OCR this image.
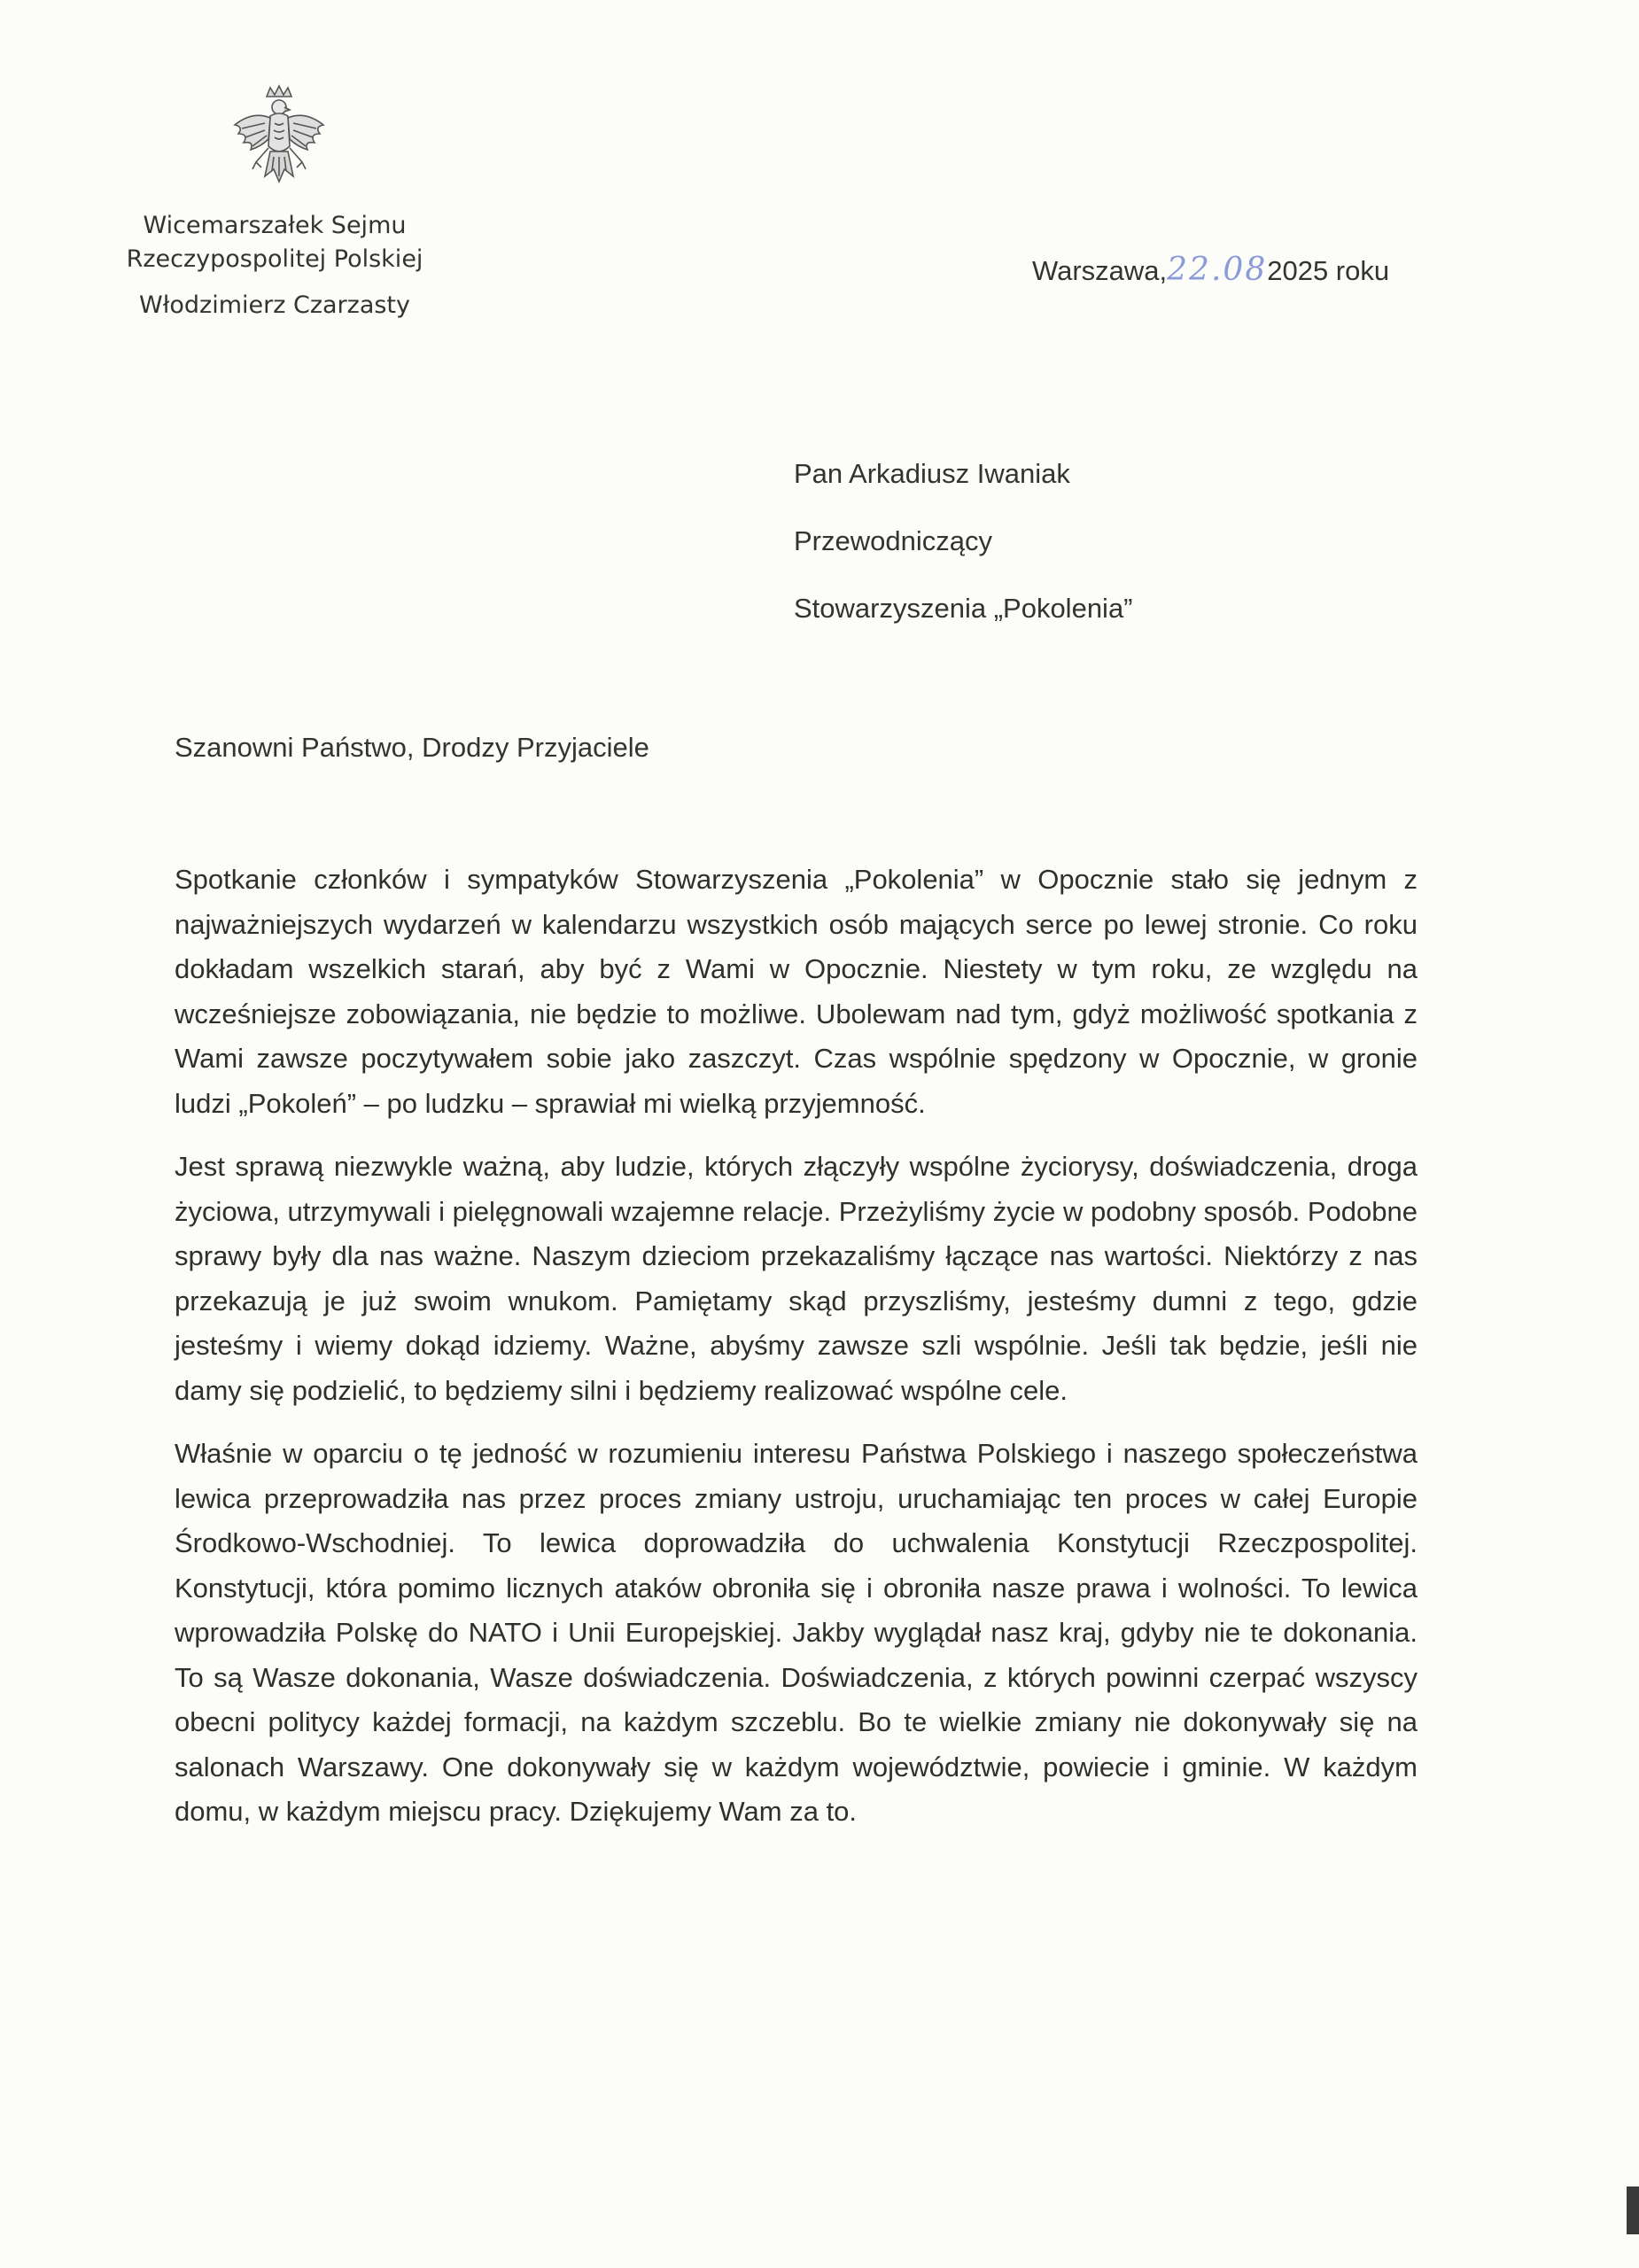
Wicemarszałek Sejmu
Rzeczypospolitej Polskiej
Włodzimierz Czarzasty
Warszawa,22.082025 roku
Pan Arkadiusz Iwaniak
Przewodniczący
Stowarzyszenia „Pokolenia”
Szanowni Państwo, Drodzy Przyjaciele

Spotkanie członków i sympatyków Stowarzyszenia „Pokolenia” w Opocznie stało się jednym z najważniejszych wydarzeń w kalendarzu wszystkich osób mających serce po lewej stronie. Co roku dokładam wszelkich starań, aby być z Wami w Opocznie. Niestety w tym roku, ze względu na wcześniejsze zobowiązania, nie będzie to możliwe. Ubolewam nad tym, gdyż możliwość spotkania z Wami zawsze poczytywałem sobie jako zaszczyt. Czas wspólnie spędzony w Opocznie, w gronie ludzi „Pokoleń” – po ludzku – sprawiał mi wielką przyjemność.

Jest sprawą niezwykle ważną, aby ludzie, których złączyły wspólne życiorysy, doświadczenia, droga życiowa, utrzymywali i pielęgnowali wzajemne relacje. Przeżyliśmy życie w podobny sposób. Podobne sprawy były dla nas ważne. Naszym dzieciom przekazaliśmy łączące nas wartości. Niektórzy z nas przekazują je już swoim wnukom. Pamiętamy skąd przyszliśmy, jesteśmy dumni z tego, gdzie jesteśmy i wiemy dokąd idziemy. Ważne, abyśmy zawsze szli wspólnie. Jeśli tak będzie, jeśli nie damy się podzielić, to będziemy silni i będziemy realizować wspólne cele.

Właśnie w oparciu o tę jedność w rozumieniu interesu Państwa Polskiego i naszego społeczeństwa lewica przeprowadziła nas przez proces zmiany ustroju, uruchamiając ten proces w całej Europie Środkowo-Wschodniej. To lewica doprowadziła do uchwalenia Konstytucji Rzeczpospolitej. Konstytucji, która pomimo licznych ataków obroniła się i obroniła nasze prawa i wolności. To lewica wprowadziła Polskę do NATO i Unii Europejskiej. Jakby wyglądał nasz kraj, gdyby nie te dokonania. To są Wasze dokonania, Wasze doświadczenia. Doświadczenia, z których powinni czerpać wszyscy obecni politycy każdej formacji, na każdym szczeblu. Bo te wielkie zmiany nie dokonywały się na salonach Warszawy. One dokonywały się w każdym województwie, powiecie i gminie. W każdym domu, w każdym miejscu pracy. Dziękujemy Wam za to.
